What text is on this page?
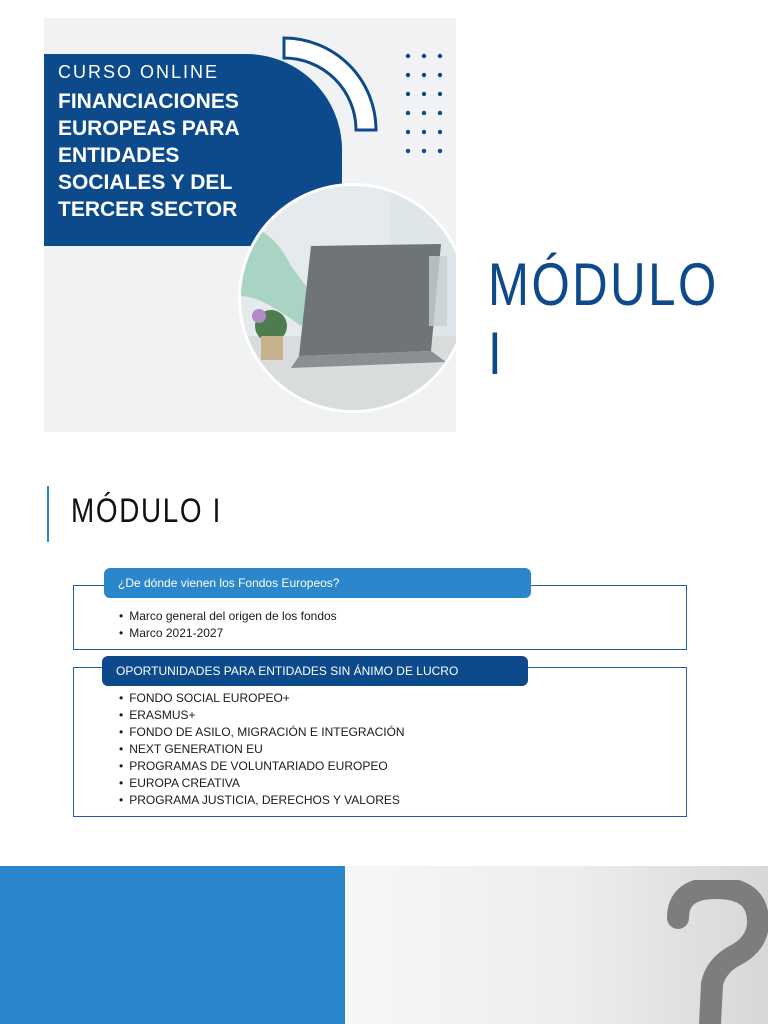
CURSO ONLINE
FINANCIACIONES
EUROPEAS PARA
ENTIDADES
SOCIALES Y DEL
TERCER SECTOR
MÓDULO I
MÓDULO I
¿De dónde vienen los Fondos Europeos?
• Marco general del origen de los fondos
• Marco 2021-2027
OPORTUNIDADES PARA ENTIDADES SIN ÁNIMO DE LUCRO
• FONDO SOCIAL EUROPEO+
• ERASMUS+
• FONDO DE ASILO, MIGRACIÓN E INTEGRACIÓN
• NEXT GENERATION EU
• PROGRAMAS DE VOLUNTARIADO EUROPEO
• EUROPA CREATIVA
• PROGRAMA JUSTICIA, DERECHOS Y VALORES
